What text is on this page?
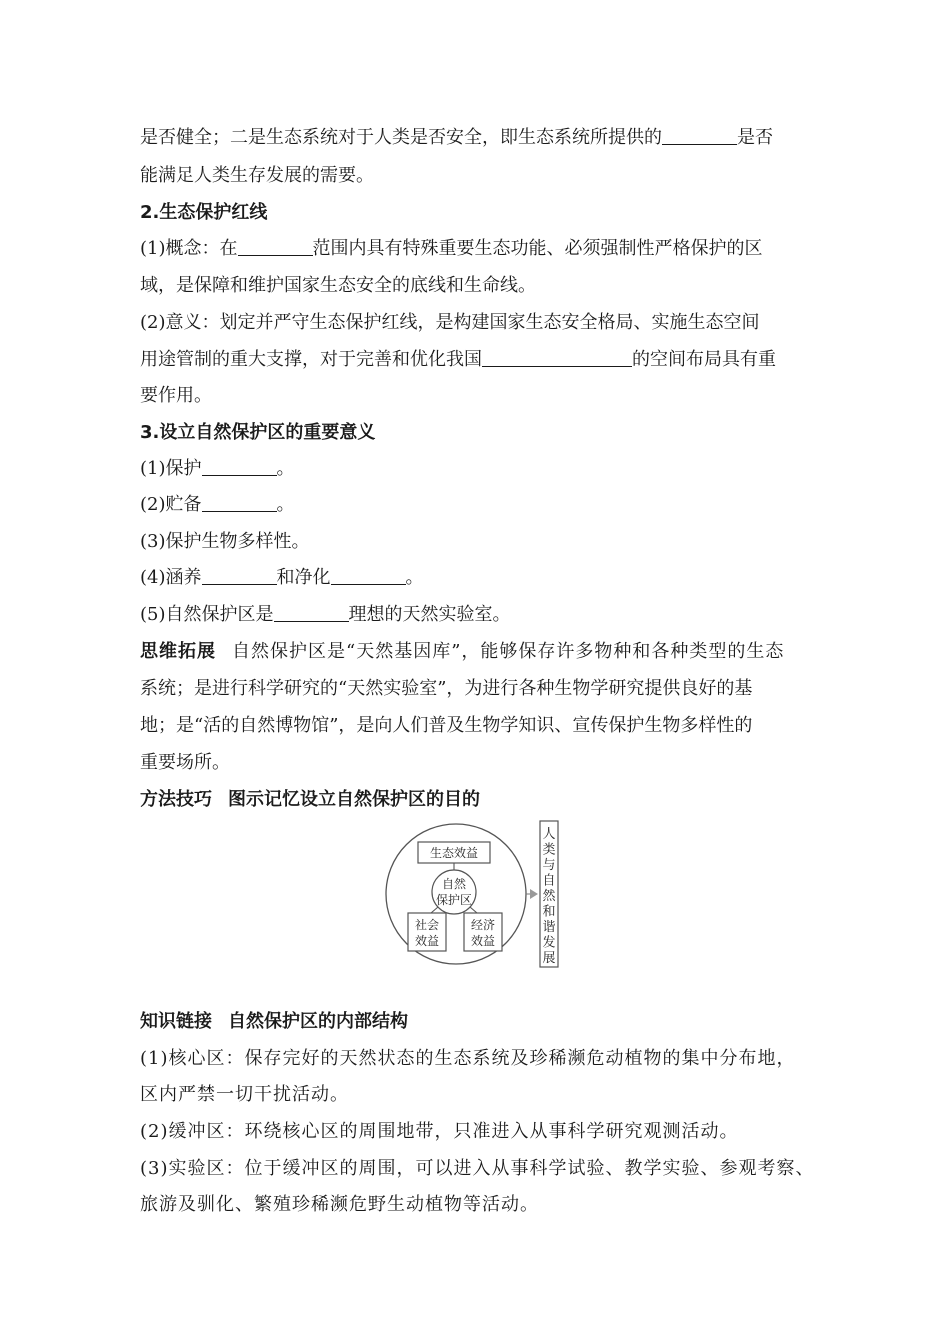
是否健全；二是生态系统对于人类是否安全，即生态系统所提供的	是否
能满足人类生存发展的需要。
2.生态保护红线
(1)概念：在	范围内具有特殊重要生态功能、必须强制性严格保护的区
域，是保障和维护国家生态安全的底线和生命线。
(2)意义：划定并严守生态保护红线，是构建国家生态安全格局、实施生态空间
用途管制的重大支撑，对于完善和优化我国	的空间布局具有重
要作用。
3.设立自然保护区的重要意义
(1)保护	。
(2)贮备	。
(3)保护生物多样性。
(4)涵养	和净化	。
(5)自然保护区是	理想的天然实验室。
思维拓展 自然保护区是“天然基因库”，能够保存许多物种和各种类型的生态
系统；是进行科学研究的“天然实验室”，为进行各种生物学研究提供良好的基
地；是“活的自然博物馆”，是向人们普及生物学知识、宣传保护生物多样性的
重要场所。
方法技巧 图示记忆设立自然保护区的目的
生态效益
自然
保护区
社会
效益
经济
效益
人
类
与
自
然
和
谐
发
展
知识链接 自然保护区的内部结构
(1)核心区：保存完好的天然状态的生态系统及珍稀濒危动植物的集中分布地，
区内严禁一切干扰活动。
(2)缓冲区：环绕核心区的周围地带，只准进入从事科学研究观测活动。
(3)实验区：位于缓冲区的周围，可以进入从事科学试验、教学实验、参观考察、
旅游及驯化、繁殖珍稀濒危野生动植物等活动。
